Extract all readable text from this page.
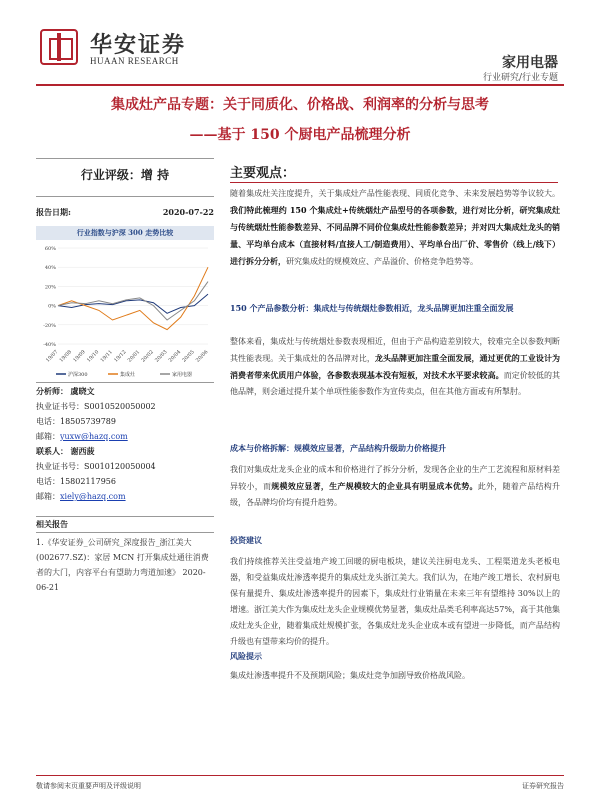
华安证券
HUAAN RESEARCH	家用电器
行业研究/行业专题
集成灶产品专题：关于同质化、价格战、利润率的分析与思考
——基于 150 个厨电产品梳理分析
行业评级：增 持
报告日期:	2020-07-22
行业指数与沪深 300 走势比较
-40%
-20%
0%
20%
40%
60%
19/07 19/08 19/09 19/10 19/11 19/12 20/01 20/02 20/03 20/04 20/05 20/06
沪深300	集成灶	家用电器
分析师： 虞晓文
执业证书号：S0010520050002
电话：18505739789
邮箱：yuxw@hazq.com
联系人： 谢西菠
执业证书号：S0010120050004
电话：15802117956
邮箱：xiely@hazq.com
相关报告
1.《华安证券_公司研究_深度报告_浙江美大(002677.SZ)：家居 MCN 打开集成灶通往消费者的大门，内容平台有望助力弯道加速》 2020-06-21
主要观点：
随着集成灶关注度提升，关于集成灶产品性能表现、同质化竞争、未来发展趋势等争议较大。我们特此梳理约 150 个集成灶+传统烟灶产品型号的各项参数，进行对比分析，研究集成灶与传统烟灶性能参数差异、不同品牌不同价位集成灶性能参数差异；并对四大集成灶龙头的销量、平均单台成本（直接材料/直接人工/制造费用）、平均单台出厂价、零售价（线上/线下）进行拆分分析，研究集成灶的规模效应、产品溢价、价格竞争趋势等。
150 个产品参数分析：集成灶与传统烟灶参数相近，龙头品牌更加注重全面发展
整体来看，集成灶与传统烟灶参数表现相近，但由于产品构造差别较大，较难完全以参数判断其性能表现。关于集成灶的各品牌对比，龙头品牌更加注重全面发展，通过更优的工业设计为消费者带来优质用户体验，各参数表现基本没有短板，对技术水平要求较高。而定价较低的其他品牌，则会通过提升某个单项性能参数作为宣传卖点，但在其他方面或有所掣肘。
成本与价格拆解：规模效应显著，产品结构升级助力价格提升
我们对集成灶龙头企业的成本和价格进行了拆分分析，发现各企业的生产工艺流程和原材料差异较小，而规模效应显著，生产规模较大的企业具有明显成本优势。此外，随着产品结构升级，各品牌均价均有提升趋势。
投资建议
我们持续推荐关注受益地产竣工回暖的厨电板块，建议关注厨电龙头、工程渠道龙头老板电器，和受益集成灶渗透率提升的集成灶龙头浙江美大。我们认为，在地产竣工增长、农村厨电保有量提升、集成灶渗透率提升的因素下，集成灶行业销量在未来三年有望维持 30%以上的增速。浙江美大作为集成灶龙头企业规模优势显著，集成灶品类毛利率高达57%，高于其他集成灶龙头企业，随着集成灶规模扩张，各集成灶龙头企业成本或有望进一步降低，而产品结构升级也有望带来均价的提升。
风险提示
集成灶渗透率提升不及预期风险；集成灶竞争加剧导致价格战风险。
敬请参阅末页重要声明及评级说明	证券研究报告
